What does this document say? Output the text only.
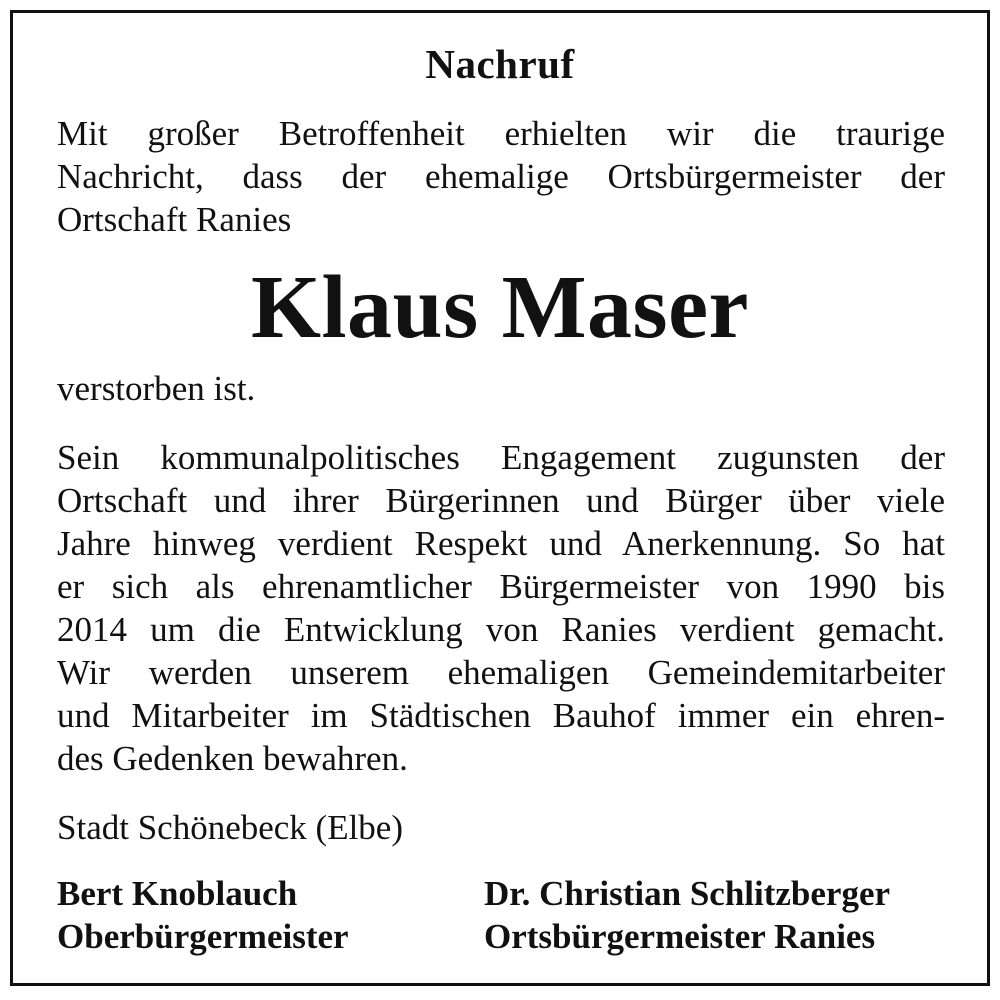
Nachruf
Mit großer Betroffenheit erhielten wir die traurige
Nachricht, dass der ehemalige Ortsbürgermeister der
Ortschaft Ranies
Klaus Maser
verstorben ist.
Sein kommunalpolitisches Engagement zugunsten der
Ortschaft und ihrer Bürgerinnen und Bürger über viele
Jahre hinweg verdient Respekt und Anerkennung. So hat
er sich als ehrenamtlicher Bürgermeister von 1990 bis
2014 um die Entwicklung von Ranies verdient gemacht.
Wir werden unserem ehemaligen Gemeindemitarbeiter
und Mitarbeiter im Städtischen Bauhof immer ein ehren-
des Gedenken bewahren.
Stadt Schönebeck (Elbe)
Bert Knoblauch
Oberbürgermeister
Dr. Christian Schlitzberger
Ortsbürgermeister Ranies
